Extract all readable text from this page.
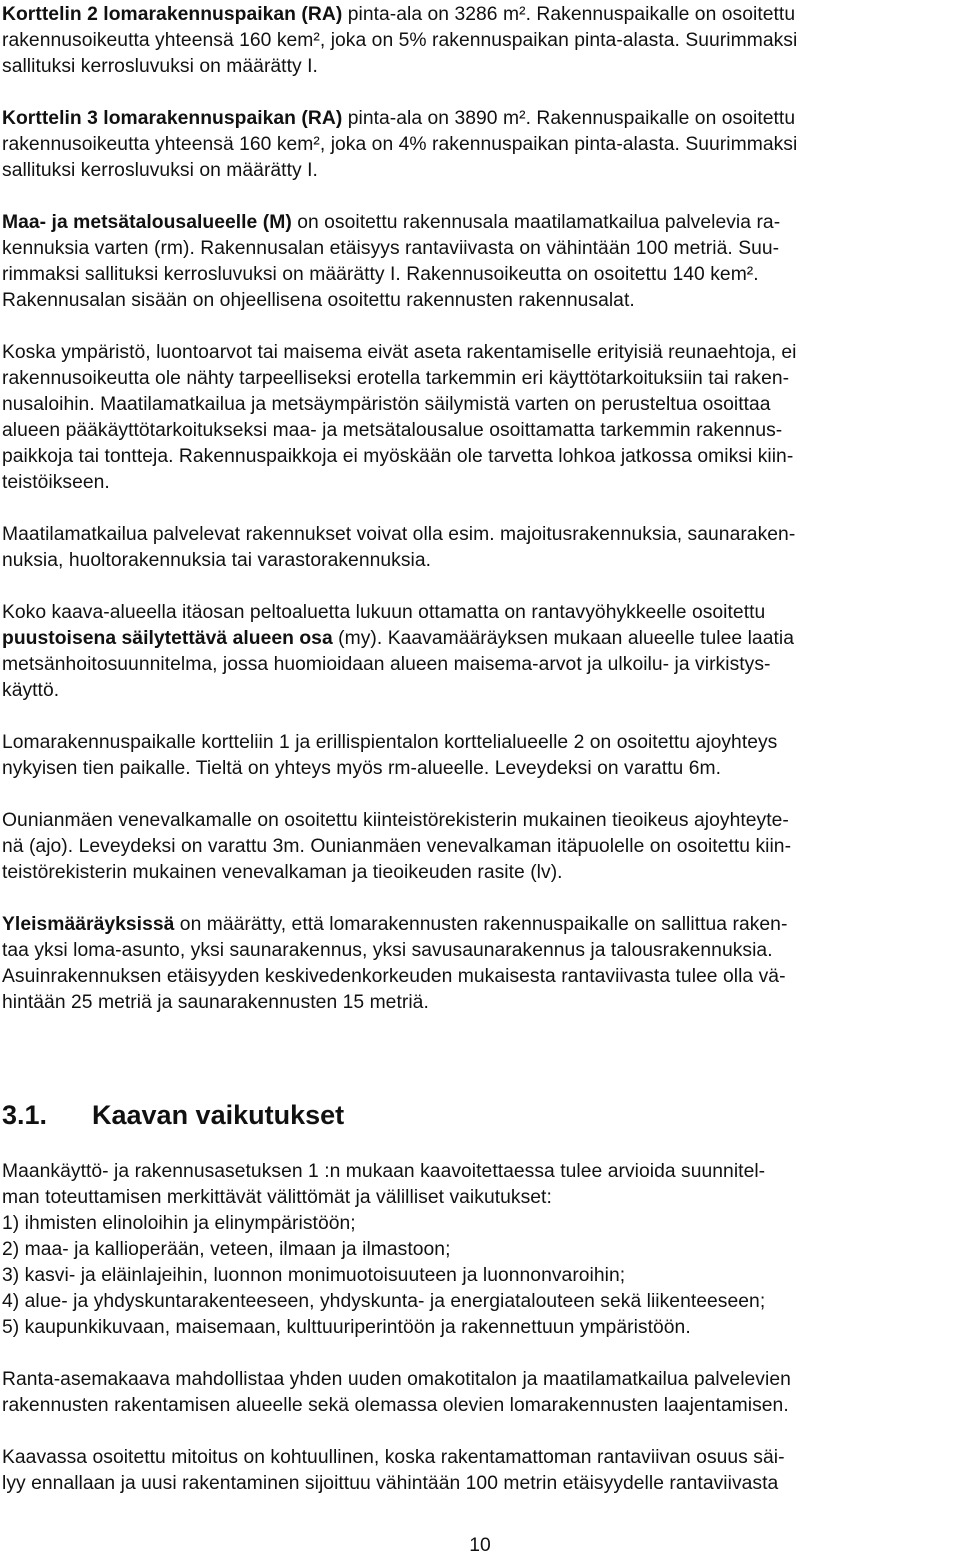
Korttelin 2 lomarakennuspaikan (RA) pinta-ala on 3286 m². Rakennuspaikalle on osoitettu
rakennusoikeutta yhteensä 160 kem², joka on 5% rakennuspaikan pinta-alasta. Suurimmaksi
sallituksi kerrosluvuksi on määrätty I.
Korttelin 3 lomarakennuspaikan (RA) pinta-ala on 3890 m². Rakennuspaikalle on osoitettu
rakennusoikeutta yhteensä 160 kem², joka on 4% rakennuspaikan pinta-alasta. Suurimmaksi
sallituksi kerrosluvuksi on määrätty I.
Maa- ja metsätalousalueelle (M) on osoitettu rakennusala maatilamatkailua palvelevia ra-
kennuksia varten (rm). Rakennusalan etäisyys rantaviivasta on vähintään 100 metriä. Suu-
rimmaksi sallituksi kerrosluvuksi on määrätty I. Rakennusoikeutta on osoitettu 140 kem².
Rakennusalan sisään on ohjeellisena osoitettu rakennusten rakennusalat.
Koska ympäristö, luontoarvot tai maisema eivät aseta rakentamiselle erityisiä reunaehtoja, ei
rakennusoikeutta ole nähty tarpeelliseksi erotella tarkemmin eri käyttötarkoituksiin tai raken-
nusaloihin. Maatilamatkailua ja metsäympäristön säilymistä varten on perusteltua osoittaa
alueen pääkäyttötarkoitukseksi maa- ja metsätalousalue osoittamatta tarkemmin rakennus-
paikkoja tai tontteja. Rakennuspaikkoja ei myöskään ole tarvetta lohkoa jatkossa omiksi kiin-
teistöikseen.
Maatilamatkailua palvelevat rakennukset voivat olla esim. majoitusrakennuksia, saunaraken-
nuksia, huoltorakennuksia tai varastorakennuksia.
Koko kaava-alueella itäosan peltoaluetta lukuun ottamatta on rantavyöhykkeelle osoitettu
puustoisena säilytettävä alueen osa (my). Kaavamääräyksen mukaan alueelle tulee laatia
metsänhoitosuunnitelma, jossa huomioidaan alueen maisema-arvot ja ulkoilu- ja virkistys-
käyttö.
Lomarakennuspaikalle kortteliin 1 ja erillispientalon korttelialueelle 2 on osoitettu ajoyhteys
nykyisen tien paikalle. Tieltä on yhteys myös rm-alueelle. Leveydeksi on varattu 6m.
Ounianmäen venevalkamalle on osoitettu kiinteistörekisterin mukainen tieoikeus ajoyhteyte-
nä (ajo). Leveydeksi on varattu 3m. Ounianmäen venevalkaman itäpuolelle on osoitettu kiin-
teistörekisterin mukainen venevalkaman ja tieoikeuden rasite (lv).
Yleismääräyksissä on määrätty, että lomarakennusten rakennuspaikalle on sallittua raken-
taa yksi loma-asunto, yksi saunarakennus, yksi savusaunarakennus ja talousrakennuksia.
Asuinrakennuksen etäisyyden keskivedenkorkeuden mukaisesta rantaviivasta tulee olla vä-
hintään 25 metriä ja saunarakennusten 15 metriä.
3.1. Kaavan vaikutukset
Maankäyttö- ja rakennusasetuksen 1 :n mukaan kaavoitettaessa tulee arvioida suunnitel-
man toteuttamisen merkittävät välittömät ja välilliset vaikutukset:
1) ihmisten elinoloihin ja elinympäristöön;
2) maa- ja kallioperään, veteen, ilmaan ja ilmastoon;
3) kasvi- ja eläinlajeihin, luonnon monimuotoisuuteen ja luonnonvaroihin;
4) alue- ja yhdyskuntarakenteeseen, yhdyskunta- ja energiatalouteen sekä liikenteeseen;
5) kaupunkikuvaan, maisemaan, kulttuuriperintöön ja rakennettuun ympäristöön.
Ranta-asemakaava mahdollistaa yhden uuden omakotitalon ja maatilamatkailua palvelevien
rakennusten rakentamisen alueelle sekä olemassa olevien lomarakennusten laajentamisen.
Kaavassa osoitettu mitoitus on kohtuullinen, koska rakentamattoman rantaviivan osuus säi-
lyy ennallaan ja uusi rakentaminen sijoittuu vähintään 100 metrin etäisyydelle rantaviivasta
10
